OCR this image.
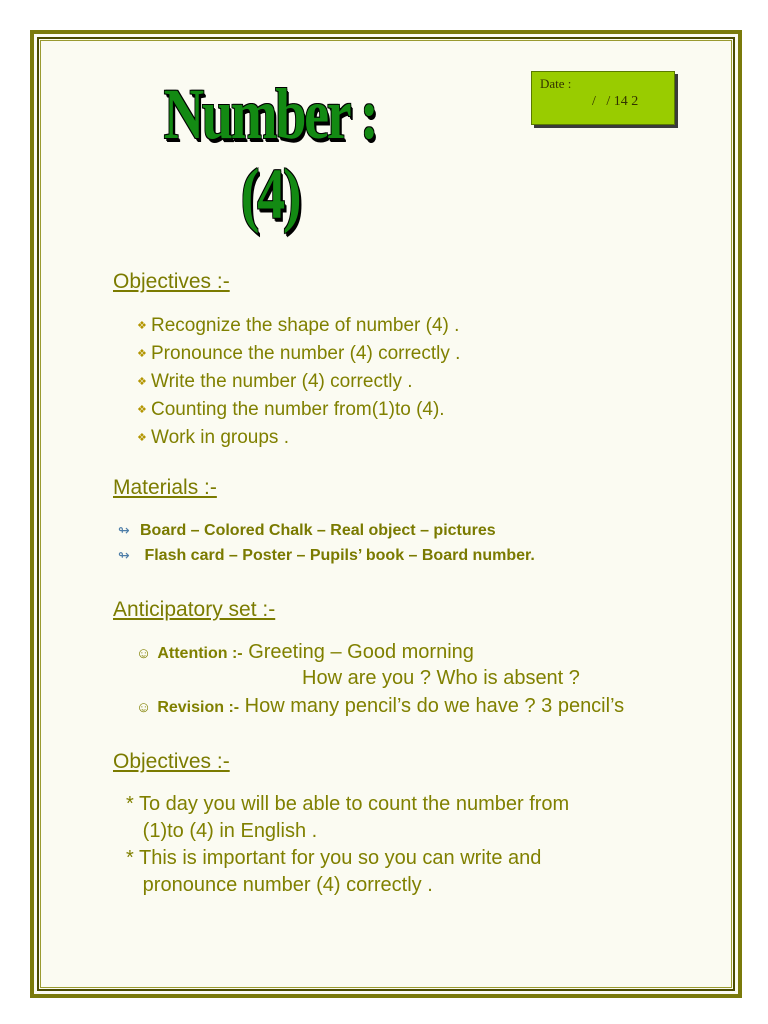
Number :
(4)
Date :
/   / 14 2
Objectives :-
❖ Recognize the shape of number (4) .
❖ Pronounce the number (4) correctly .
❖ Write the number (4) correctly .
❖ Counting the number from(1)to (4).
❖ Work in groups .
Materials :-
↬ Board – Colored Chalk – Real object – pictures
↬ Flash card – Poster – Pupils’ book – Board number.
Anticipatory set :-
☺ Attention :- Greeting – Good morning
How are you ? Who is absent ?
☺ Revision :- How many pencil’s do we have ? 3 pencil’s
Objectives :-
* To day you will be able to count the number from
(1)to (4) in English .
* This is important for you so you can write and
pronounce number (4) correctly .
